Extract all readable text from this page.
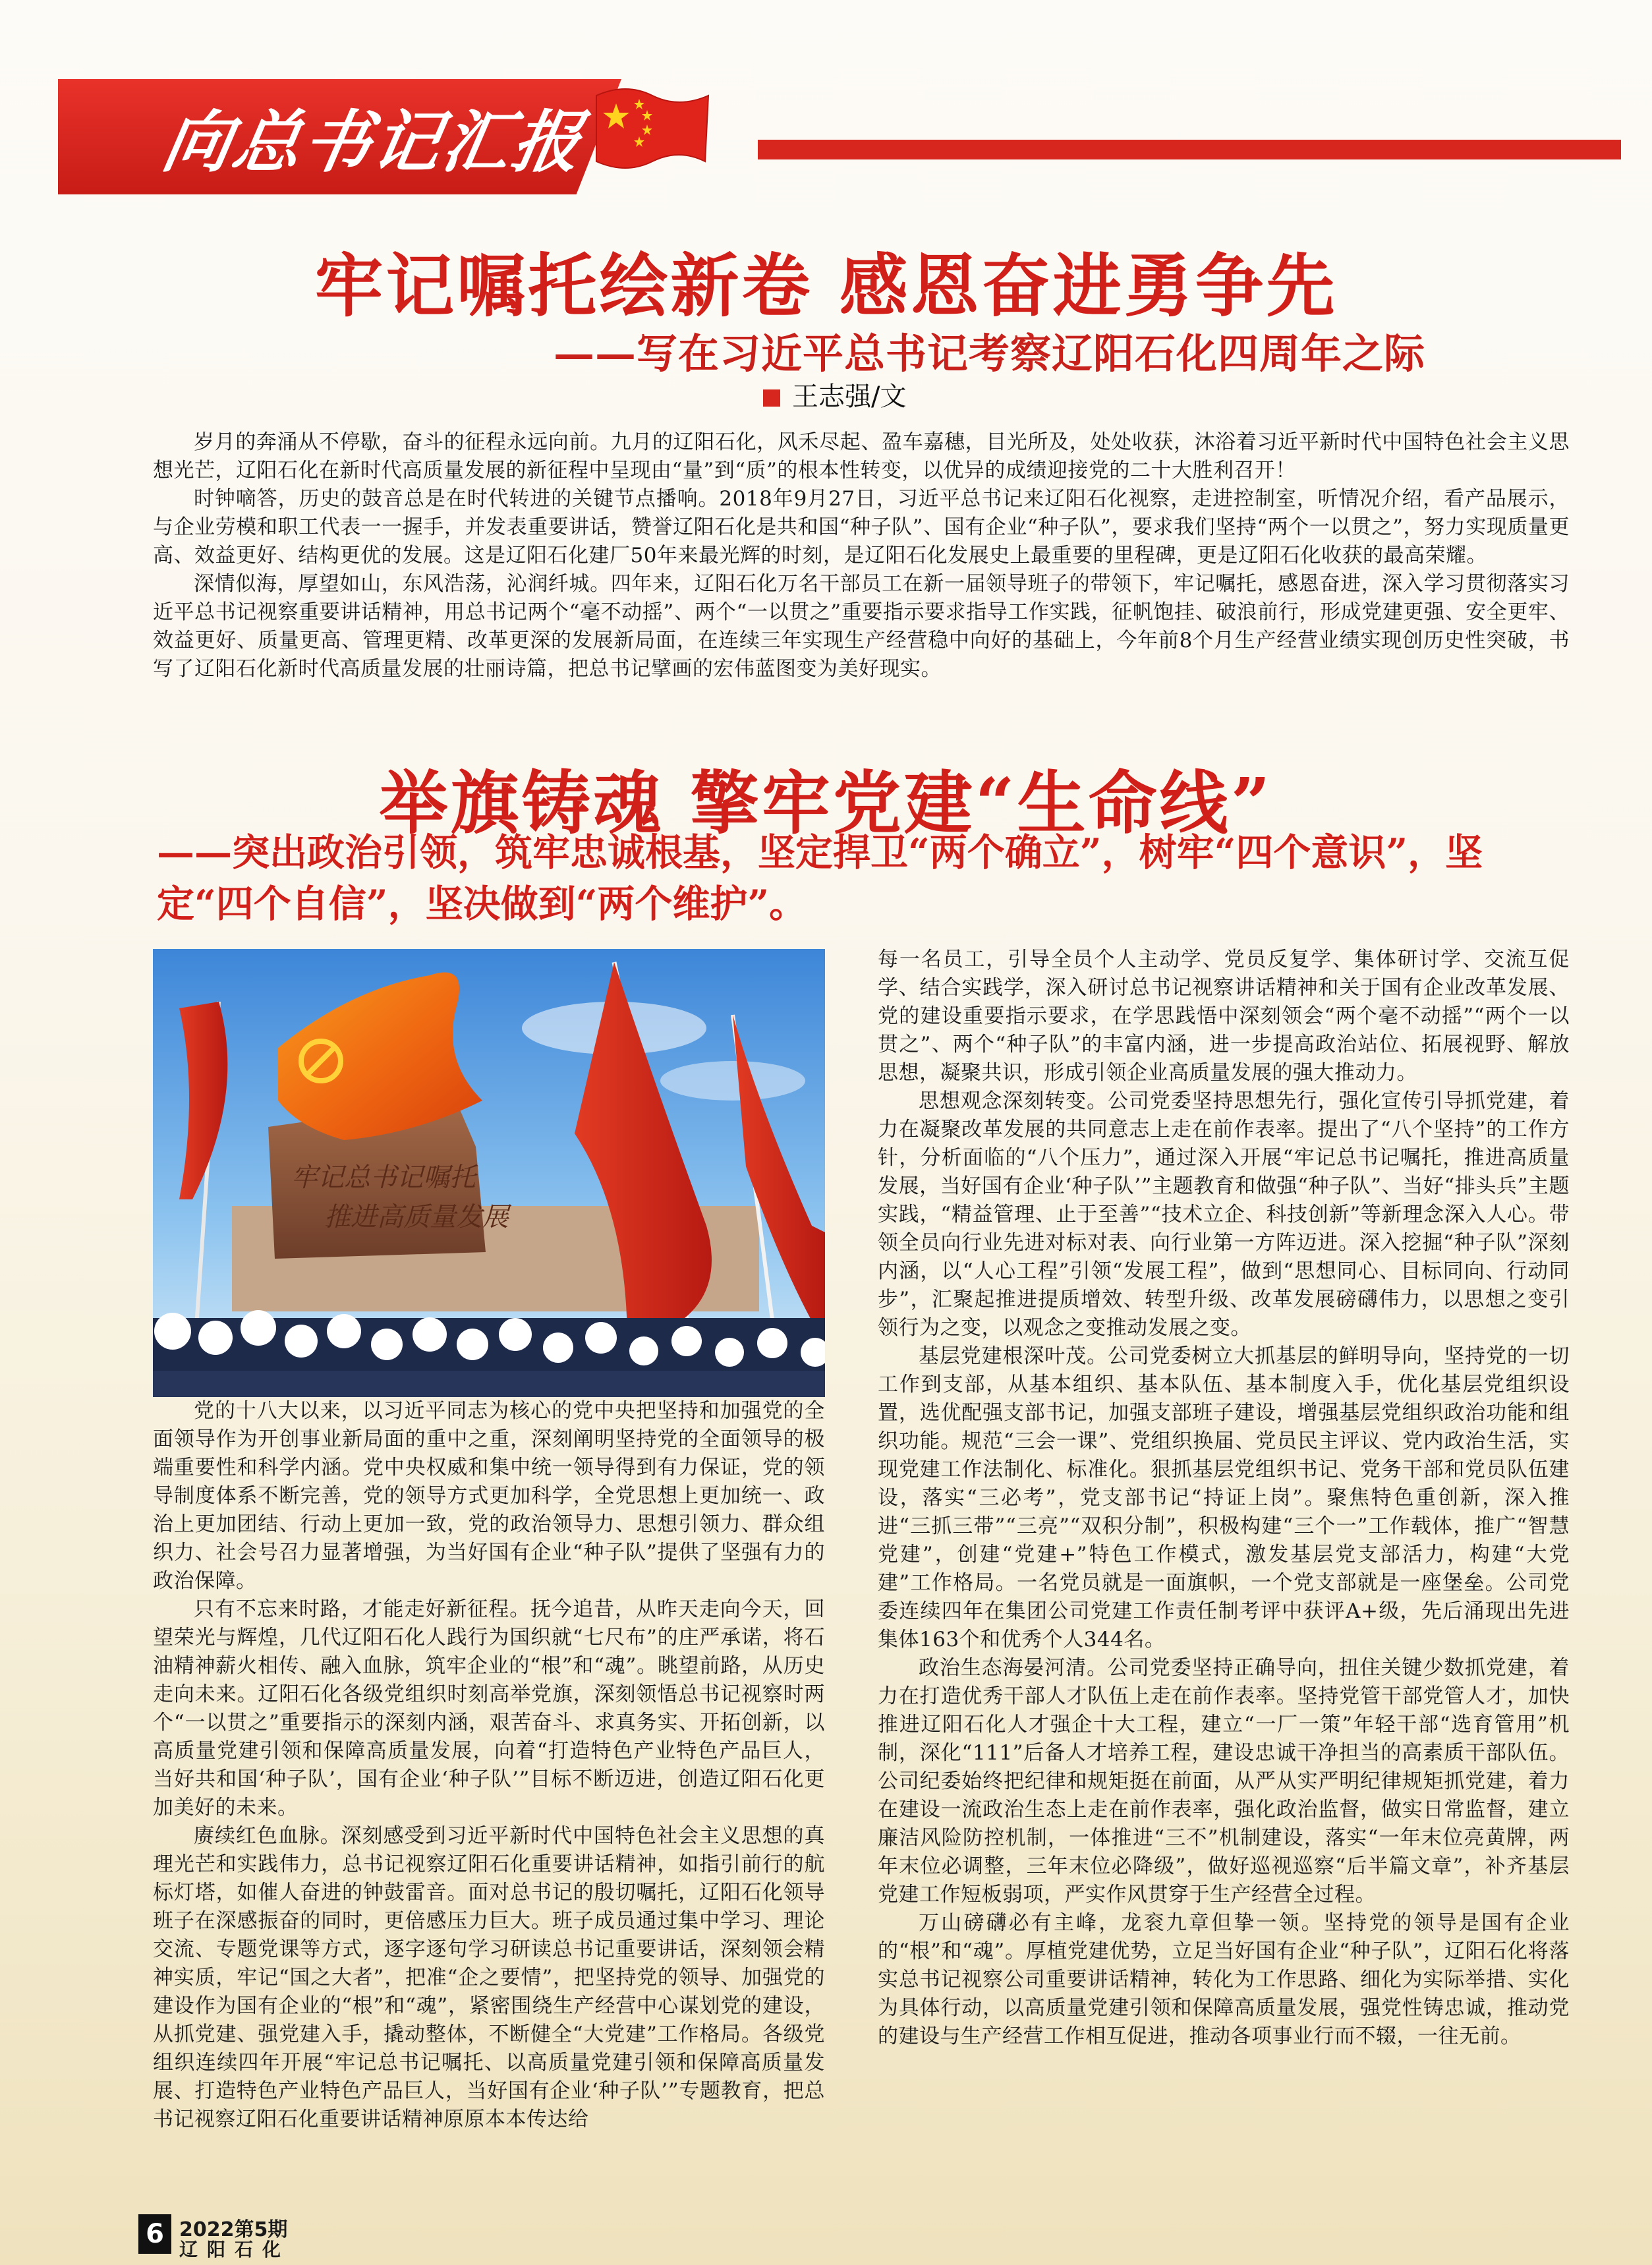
向总书记汇报
牢记嘱托绘新卷 感恩奋进勇争先
——写在习近平总书记考察辽阳石化四周年之际
王志强/文

岁月的奔涌从不停歇，奋斗的征程永远向前。九月的辽阳石化，风禾尽起、盈车嘉穗，目光所及，处处收获，沐浴着习近平新时代中国特色社会主义思想光芒，辽阳石化在新时代高质量发展的新征程中呈现由“量”到“质”的根本性转变，以优异的成绩迎接党的二十大胜利召开！

时钟嘀答，历史的鼓音总是在时代转进的关键节点播响。2018年9月27日，习近平总书记来辽阳石化视察，走进控制室，听情况介绍，看产品展示，与企业劳模和职工代表一一握手，并发表重要讲话，赞誉辽阳石化是共和国“种子队”、国有企业“种子队”，要求我们坚持“两个一以贯之”，努力实现质量更高、效益更好、结构更优的发展。这是辽阳石化建厂50年来最光辉的时刻，是辽阳石化发展史上最重要的里程碑，更是辽阳石化收获的最高荣耀。

深情似海，厚望如山，东风浩荡，沁润纤城。四年来，辽阳石化万名干部员工在新一届领导班子的带领下，牢记嘱托，感恩奋进，深入学习贯彻落实习近平总书记视察重要讲话精神，用总书记两个“毫不动摇”、两个“一以贯之”重要指示要求指导工作实践，征帆饱挂、破浪前行，形成党建更强、安全更牢、效益更好、质量更高、管理更精、改革更深的发展新局面，在连续三年实现生产经营稳中向好的基础上，今年前8个月生产经营业绩实现创历史性突破，书写了辽阳石化新时代高质量发展的壮丽诗篇，把总书记擘画的宏伟蓝图变为美好现实。

举旗铸魂 擎牢党建“生命线”
——突出政治引领，筑牢忠诚根基，坚定捍卫“两个确立”，树牢“四个意识”，坚定“四个自信”，坚决做到“两个维护”。
牢记总书记嘱托
推进高质量发展

党的十八大以来，以习近平同志为核心的党中央把坚持和加强党的全面领导作为开创事业新局面的重中之重，深刻阐明坚持党的全面领导的极端重要性和科学内涵。党中央权威和集中统一领导得到有力保证，党的领导制度体系不断完善，党的领导方式更加科学，全党思想上更加统一、政治上更加团结、行动上更加一致，党的政治领导力、思想引领力、群众组织力、社会号召力显著增强，为当好国有企业“种子队”提供了坚强有力的政治保障。

只有不忘来时路，才能走好新征程。抚今追昔，从昨天走向今天，回望荣光与辉煌，几代辽阳石化人践行为国织就“七尺布”的庄严承诺，将石油精神薪火相传、融入血脉，筑牢企业的“根”和“魂”。眺望前路，从历史走向未来。辽阳石化各级党组织时刻高举党旗，深刻领悟总书记视察时两个“一以贯之”重要指示的深刻内涵，艰苦奋斗、求真务实、开拓创新，以高质量党建引领和保障高质量发展，向着“打造特色产业特色产品巨人，当好共和国‘种子队’，国有企业‘种子队’”目标不断迈进，创造辽阳石化更加美好的未来。

赓续红色血脉。深刻感受到习近平新时代中国特色社会主义思想的真理光芒和实践伟力，总书记视察辽阳石化重要讲话精神，如指引前行的航标灯塔，如催人奋进的钟鼓雷音。面对总书记的殷切嘱托，辽阳石化领导班子在深感振奋的同时，更倍感压力巨大。班子成员通过集中学习、理论交流、专题党课等方式，逐字逐句学习研读总书记重要讲话，深刻领会精神实质，牢记“国之大者”，把准“企之要情”，把坚持党的领导、加强党的建设作为国有企业的“根”和“魂”，紧密围绕生产经营中心谋划党的建设，从抓党建、强党建入手，撬动整体，不断健全“大党建”工作格局。各级党组织连续四年开展“牢记总书记嘱托、以高质量党建引领和保障高质量发展、打造特色产业特色产品巨人，当好国有企业‘种子队’”专题教育，把总书记视察辽阳石化重要讲话精神原原本本传达给

每一名员工，引导全员个人主动学、党员反复学、集体研讨学、交流互促学、结合实践学，深入研讨总书记视察讲话精神和关于国有企业改革发展、党的建设重要指示要求，在学思践悟中深刻领会“两个毫不动摇”“两个一以贯之”、两个“种子队”的丰富内涵，进一步提高政治站位、拓展视野、解放思想，凝聚共识，形成引领企业高质量发展的强大推动力。

思想观念深刻转变。公司党委坚持思想先行，强化宣传引导抓党建，着力在凝聚改革发展的共同意志上走在前作表率。提出了“八个坚持”的工作方针，分析面临的“八个压力”，通过深入开展“牢记总书记嘱托，推进高质量发展，当好国有企业‘种子队’”主题教育和做强“种子队”、当好“排头兵”主题实践，“精益管理、止于至善”“技术立企、科技创新”等新理念深入人心。带领全员向行业先进对标对表、向行业第一方阵迈进。深入挖掘“种子队”深刻内涵，以“人心工程”引领“发展工程”，做到“思想同心、目标同向、行动同步”，汇聚起推进提质增效、转型升级、改革发展磅礴伟力，以思想之变引领行为之变，以观念之变推动发展之变。

基层党建根深叶茂。公司党委树立大抓基层的鲜明导向，坚持党的一切工作到支部，从基本组织、基本队伍、基本制度入手，优化基层党组织设置，选优配强支部书记，加强支部班子建设，增强基层党组织政治功能和组织功能。规范“三会一课”、党组织换届、党员民主评议、党内政治生活，实现党建工作法制化、标准化。狠抓基层党组织书记、党务干部和党员队伍建设，落实“三必考”，党支部书记“持证上岗”。聚焦特色重创新，深入推进“三抓三带”“三亮”“双积分制”，积极构建“三个一”工作载体，推广“智慧党建”，创建“党建+”特色工作模式，激发基层党支部活力，构建“大党建”工作格局。一名党员就是一面旗帜，一个党支部就是一座堡垒。公司党委连续四年在集团公司党建工作责任制考评中获评A+级，先后涌现出先进集体163个和优秀个人344名。

政治生态海晏河清。公司党委坚持正确导向，扭住关键少数抓党建，着力在打造优秀干部人才队伍上走在前作表率。坚持党管干部党管人才，加快推进辽阳石化人才强企十大工程，建立“一厂一策”年轻干部“选育管用”机制，深化“111”后备人才培养工程，建设忠诚干净担当的高素质干部队伍。公司纪委始终把纪律和规矩挺在前面，从严从实严明纪律规矩抓党建，着力在建设一流政治生态上走在前作表率，强化政治监督，做实日常监督，建立廉洁风险防控机制，一体推进“三不”机制建设，落实“一年末位亮黄牌，两年末位必调整，三年末位必降级”，做好巡视巡察“后半篇文章”，补齐基层党建工作短板弱项，严实作风贯穿于生产经营全过程。

万山磅礴必有主峰，龙衮九章但挚一领。坚持党的领导是国有企业的“根”和“魂”。厚植党建优势，立足当好国有企业“种子队”，辽阳石化将落实总书记视察公司重要讲话精神，转化为工作思路、细化为实际举措、实化为具体行动，以高质量党建引领和保障高质量发展，强党性铸忠诚，推动党的建设与生产经营工作相互促进，推动各项事业行而不辍，一往无前。

6 2022第5期
辽阳石化
